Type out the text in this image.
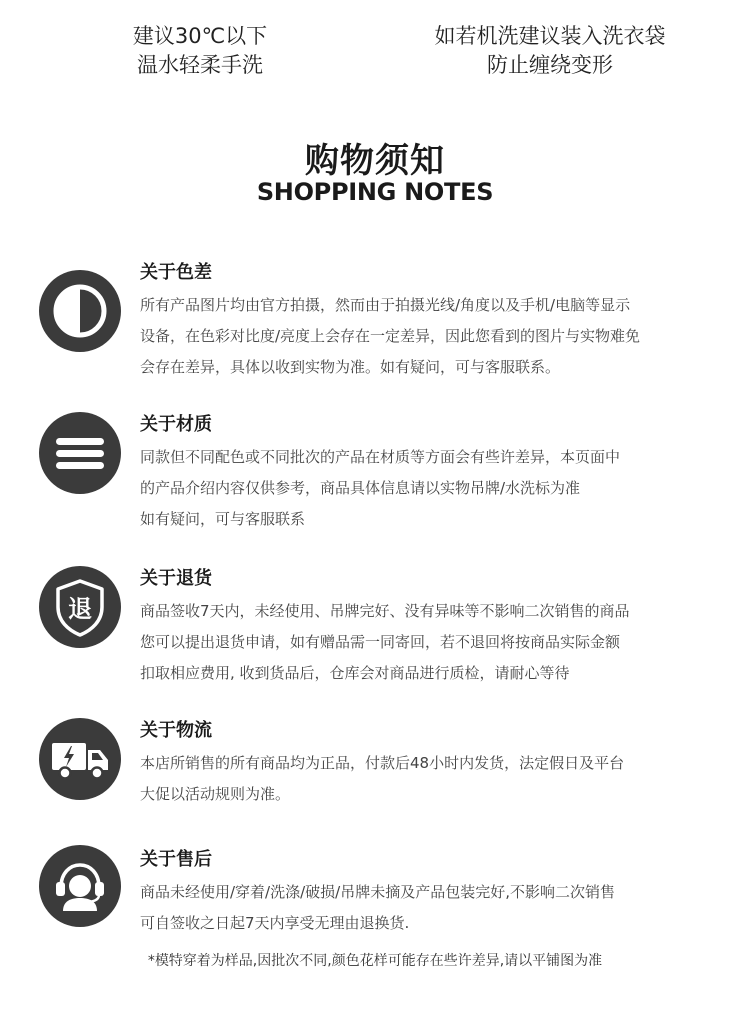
建议30℃以下
温水轻柔手洗
如若机洗建议装入洗衣袋
防止缠绕变形
购物须知
SHOPPING NOTES
关于色差
所有产品图片均由官方拍摄，然而由于拍摄光线/角度以及手机/电脑等显示
设备，在色彩对比度/亮度上会存在一定差异，因此您看到的图片与实物难免
会存在差异，具体以收到实物为准。如有疑问，可与客服联系。
关于材质
同款但不同配色或不同批次的产品在材质等方面会有些许差异，本页面中
的产品介绍内容仅供参考，商品具体信息请以实物吊牌/水洗标为准
如有疑问，可与客服联系
退
关于退货
商品签收7天内，未经使用、吊牌完好、没有异味等不影响二次销售的商品
您可以提出退货申请，如有赠品需一同寄回，若不退回将按商品实际金额
扣取相应费用, 收到货品后，仓库会对商品进行质检，请耐心等待
关于物流
本店所销售的所有商品均为正品，付款后48小时内发货，法定假日及平台
大促以活动规则为准。
关于售后
商品未经使用/穿着/洗涤/破损/吊牌未摘及产品包装完好,不影响二次销售
可自签收之日起7天内享受无理由退换货.
*模特穿着为样品,因批次不同,颜色花样可能存在些许差异,请以平铺图为准
